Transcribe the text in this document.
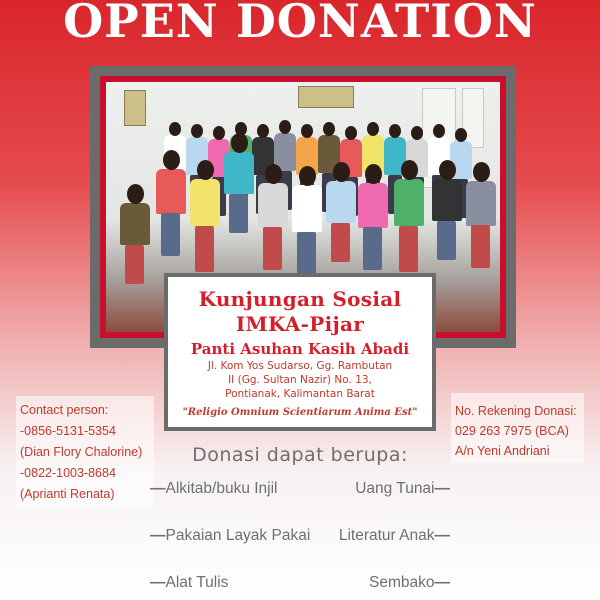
OPEN DONATION
Kunjungan Sosial
IMKA-Pijar
Panti Asuhan Kasih Abadi
Jl. Kom Yos Sudarso, Gg. Rambutan
II (Gg. Sultan Nazir) No. 13,
Pontianak, Kalimantan Barat
"Religio Omnium Scientiarum Anima Est"

Contact person:

-0856-5131-5354

(Dian Flory Chalorine)

-0822-1003-8684

(Aprianti Renata)

No. Rekening Donasi:

029 263 7975 (BCA)

A/n Yeni Andriani

Donasi dapat berupa:
—Alkitab/buku Injil
—Pakaian Layak Pakai
—Alat Tulis
Uang Tunai—
Literatur Anak—
Sembako—
